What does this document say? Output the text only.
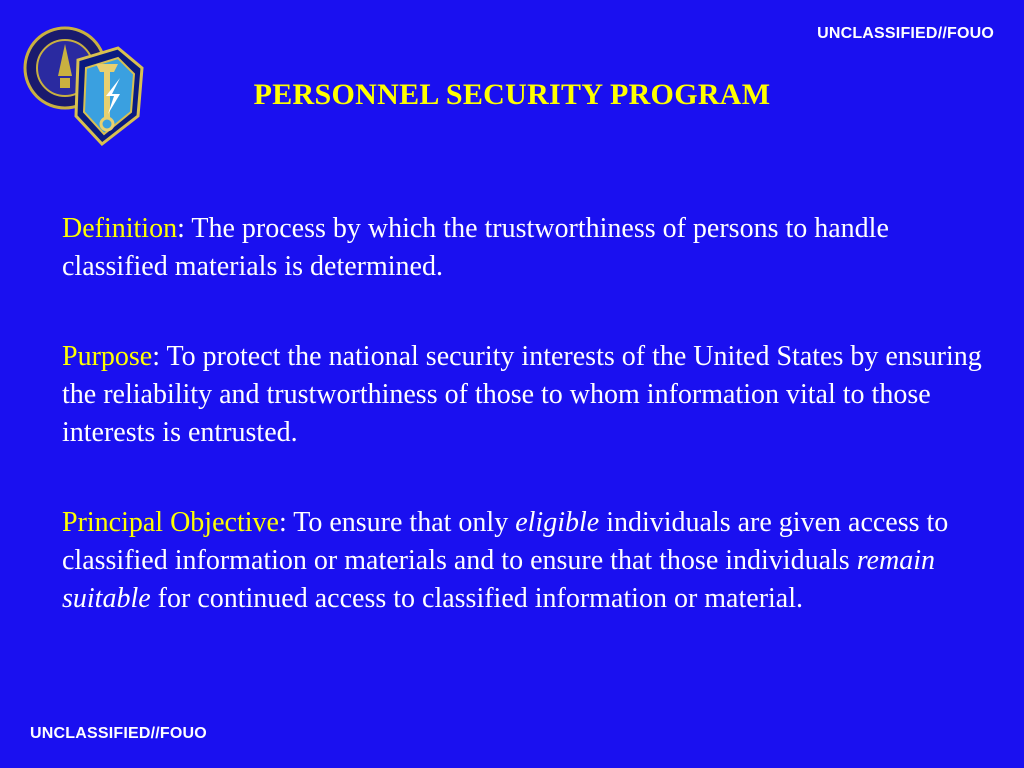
UNCLASSIFIED//FOUO
PERSONNEL SECURITY PROGRAM

Definition: The process by which the trustworthiness of persons to handle classified materials is determined.

Purpose: To protect the national security interests of the United States by ensuring the reliability and trustworthiness of those to whom information vital to those interests is entrusted.

Principal Objective: To ensure that only eligible individuals are given access to classified information or materials and to ensure that those individuals remain suitable for continued access to classified information or material.

UNCLASSIFIED//FOUO
